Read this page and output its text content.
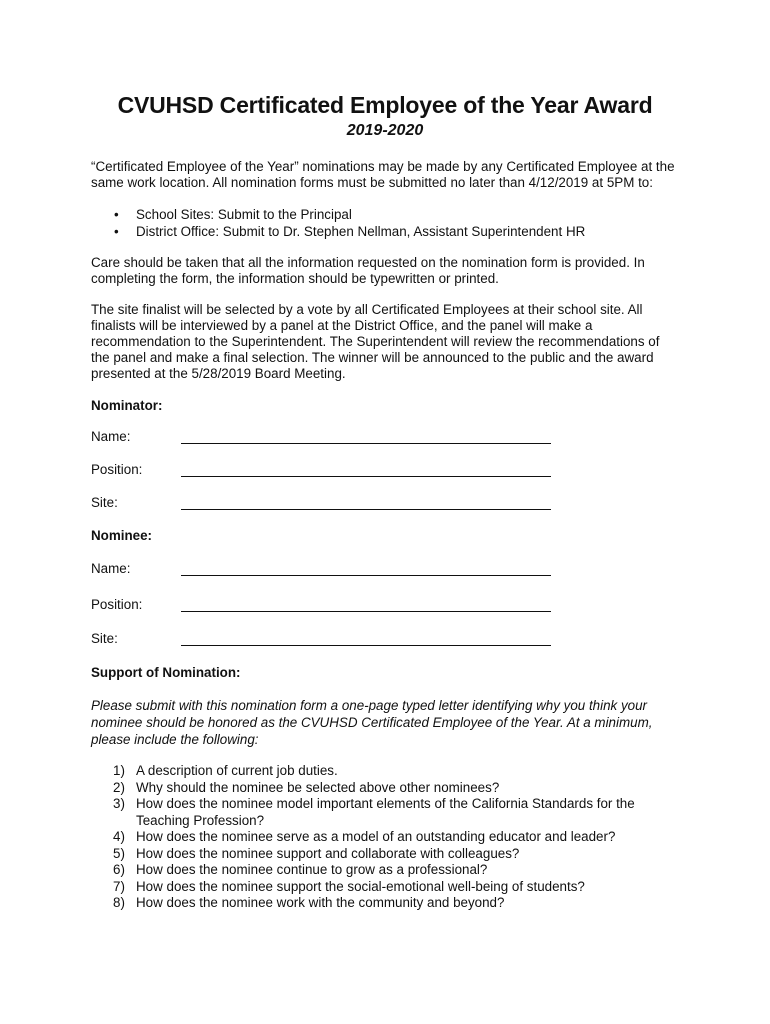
CVUHSD Certificated Employee of the Year Award
2019-2020

“Certificated Employee of the Year” nominations may be made by any Certificated Employee at the same work location. All nomination forms must be submitted no later than 4/12/2019 at 5PM to:

• School Sites: Submit to the Principal
• District Office: Submit to Dr. Stephen Nellman, Assistant Superintendent HR

Care should be taken that all the information requested on the nomination form is provided. In completing the form, the information should be typewritten or printed.

The site finalist will be selected by a vote by all Certificated Employees at their school site. All finalists will be interviewed by a panel at the District Office, and the panel will make a recommendation to the Superintendent. The Superintendent will review the recommendations of the panel and make a final selection. The winner will be announced to the public and the award presented at the 5/28/2019 Board Meeting.

Nominator:
Name:
Position:
Site:
Nominee:
Name:
Position:
Site:
Support of Nomination:

Please submit with this nomination form a one-page typed letter identifying why you think your nominee should be honored as the CVUHSD Certificated Employee of the Year. At a minimum, please include the following:

1) A description of current job duties.
2) Why should the nominee be selected above other nominees?
3) How does the nominee model important elements of the California Standards for the Teaching Profession?
4) How does the nominee serve as a model of an outstanding educator and leader?
5) How does the nominee support and collaborate with colleagues?
6) How does the nominee continue to grow as a professional?
7) How does the nominee support the social-emotional well-being of students?
8) How does the nominee work with the community and beyond?
